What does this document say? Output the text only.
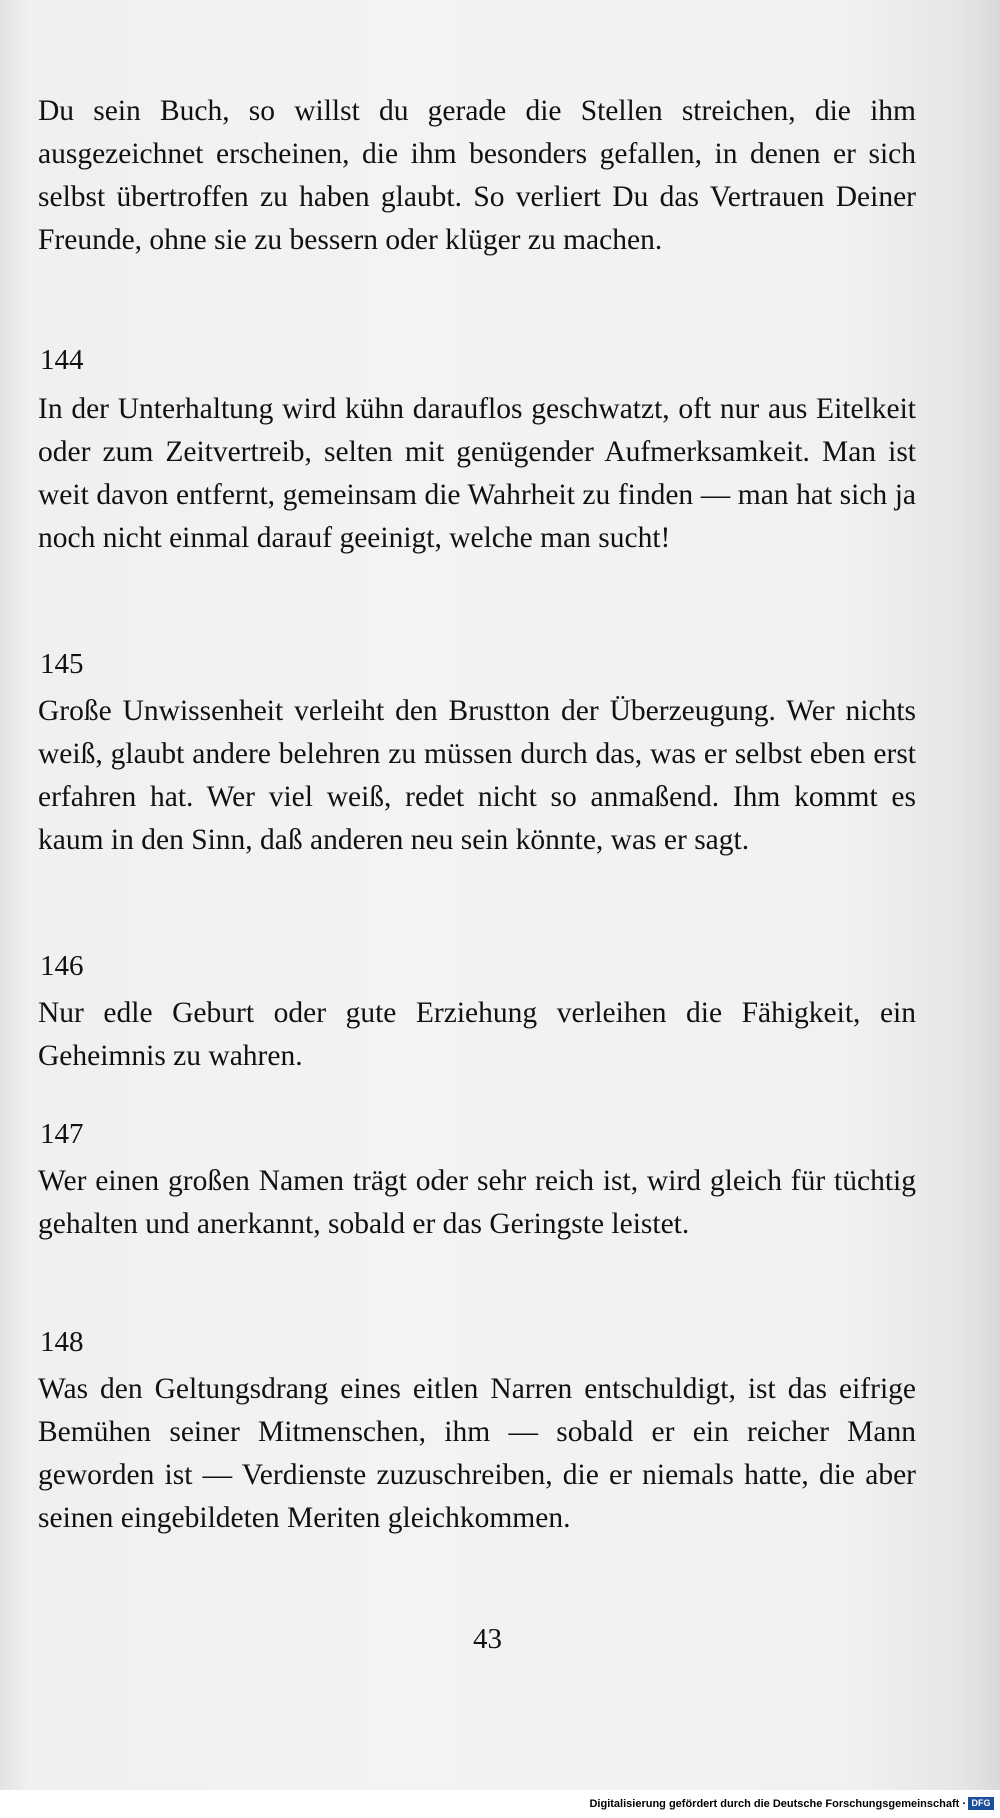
Du sein Buch, so willst du gerade die Stellen streichen, die ihm ausgezeichnet erscheinen, die ihm besonders gefallen, in denen er sich selbst übertroffen zu haben glaubt. So verliert Du das Vertrauen Deiner Freunde, ohne sie zu bessern oder klüger zu machen.
144
In der Unterhaltung wird kühn darauflos geschwatzt, oft nur aus Eitelkeit oder zum Zeitvertreib, selten mit genügender Aufmerksamkeit. Man ist weit davon entfernt, gemeinsam die Wahrheit zu finden — man hat sich ja noch nicht einmal darauf geeinigt, welche man sucht!
145
Große Unwissenheit verleiht den Brustton der Überzeugung. Wer nichts weiß, glaubt andere belehren zu müssen durch das, was er selbst eben erst erfahren hat. Wer viel weiß, redet nicht so anmaßend. Ihm kommt es kaum in den Sinn, daß anderen neu sein könnte, was er sagt.
146
Nur edle Geburt oder gute Erziehung verleihen die Fähigkeit, ein Geheimnis zu wahren.
147
Wer einen großen Namen trägt oder sehr reich ist, wird gleich für tüchtig gehalten und anerkannt, sobald er das Geringste leistet.
148
Was den Geltungsdrang eines eitlen Narren entschuldigt, ist das eifrige Bemühen seiner Mitmenschen, ihm — sobald er ein reicher Mann geworden ist — Verdienste zuzuschreiben, die er niemals hatte, die aber seinen eingebildeten Meriten gleichkommen.
43
Digitalisierung gefördert durch die Deutsche Forschungsgemeinschaft · DFG
